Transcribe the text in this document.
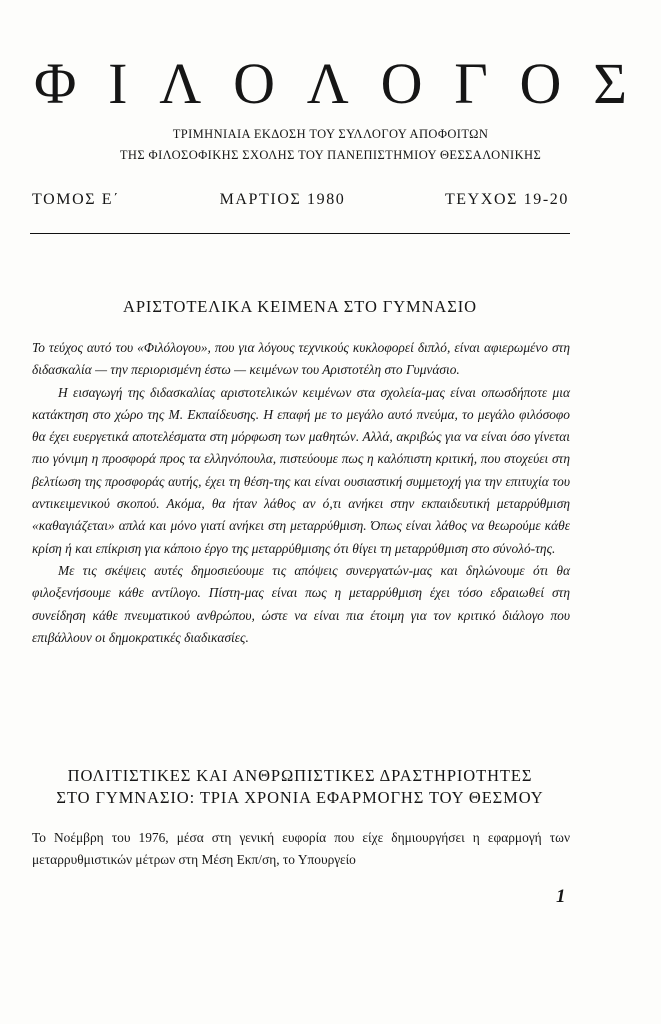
Φ Ι Λ Ο Λ Ο Γ Ο Σ
ΤΡΙΜΗΝΙΑΙΑ ΕΚΔΟΣΗ ΤΟΥ ΣΥΛΛΟΓΟΥ ΑΠΟΦΟΙΤΩΝ
ΤΗΣ ΦΙΛΟΣΟΦΙΚΗΣ ΣΧΟΛΗΣ ΤΟΥ ΠΑΝΕΠΙΣΤΗΜΙΟΥ ΘΕΣΣΑΛΟΝΙΚΗΣ
ΤΟΜΟΣ Ε΄	ΜΑΡΤΙΟΣ 1980	ΤΕΥΧΟΣ 19-20
ΑΡΙΣΤΟΤΕΛΙΚΑ ΚΕΙΜΕΝΑ ΣΤΟ ΓΥΜΝΑΣΙΟ

Το τεύχος αυτό του «Φιλόλογου», που για λόγους τεχνικούς κυκλοφορεί διπλό, είναι αφιερωμένο στη διδασκαλία — την περιορισμένη έστω — κειμένων του Αριστοτέλη στο Γυμνάσιο.

Η εισαγωγή της διδασκαλίας αριστοτελικών κειμένων στα σχολεία-μας είναι οπωσδήποτε μια κατάκτηση στο χώρο της Μ. Εκπαίδευσης. Η επαφή με το μεγάλο αυτό πνεύμα, το μεγάλο φιλόσοφο θα έχει ευεργετικά αποτελέσματα στη μόρφωση των μαθητών. Αλλά, ακριβώς για να είναι όσο γίνεται πιο γόνιμη η προσφορά προς τα ελληνόπουλα, πιστεύουμε πως η καλόπιστη κριτική, που στοχεύει στη βελτίωση της προσφοράς αυτής, έχει τη θέση-της και είναι ουσιαστική συμμετοχή για την επιτυχία του αντικειμενικού σκοπού. Ακόμα, θα ήταν λάθος αν ό,τι ανήκει στην εκπαιδευτική μεταρρύθμιση «καθαγιάζεται» απλά και μόνο γιατί ανήκει στη μεταρρύθμιση. Όπως είναι λάθος να θεωρούμε κάθε κρίση ή και επίκριση για κάποιο έργο της μεταρρύθμισης ότι θίγει τη μεταρρύθμιση στο σύνολό-της.

Με τις σκέψεις αυτές δημοσιεύουμε τις απόψεις συνεργατών-μας και δηλώνουμε ότι θα φιλοξενήσουμε κάθε αντίλογο. Πίστη-μας είναι πως η μεταρρύθμιση έχει τόσο εδραιωθεί στη συνείδηση κάθε πνευματικού ανθρώπου, ώστε να είναι πια έτοιμη για τον κριτικό διάλογο που επιβάλλουν οι δημοκρατικές διαδικασίες.

ΠΟΛΙΤΙΣΤΙΚΕΣ ΚΑΙ ΑΝΘΡΩΠΙΣΤΙΚΕΣ ΔΡΑΣΤΗΡΙΟΤΗΤΕΣ
ΣΤΟ ΓΥΜΝΑΣΙΟ: ΤΡΙΑ ΧΡΟΝΙΑ ΕΦΑΡΜΟΓΗΣ ΤΟΥ ΘΕΣΜΟΥ

Το Νοέμβρη του 1976, μέσα στη γενική ευφορία που είχε δημιουργήσει η εφαρμογή των μεταρρυθμιστικών μέτρων στη Μέση Εκπ/ση, το Υπουργείο

1
